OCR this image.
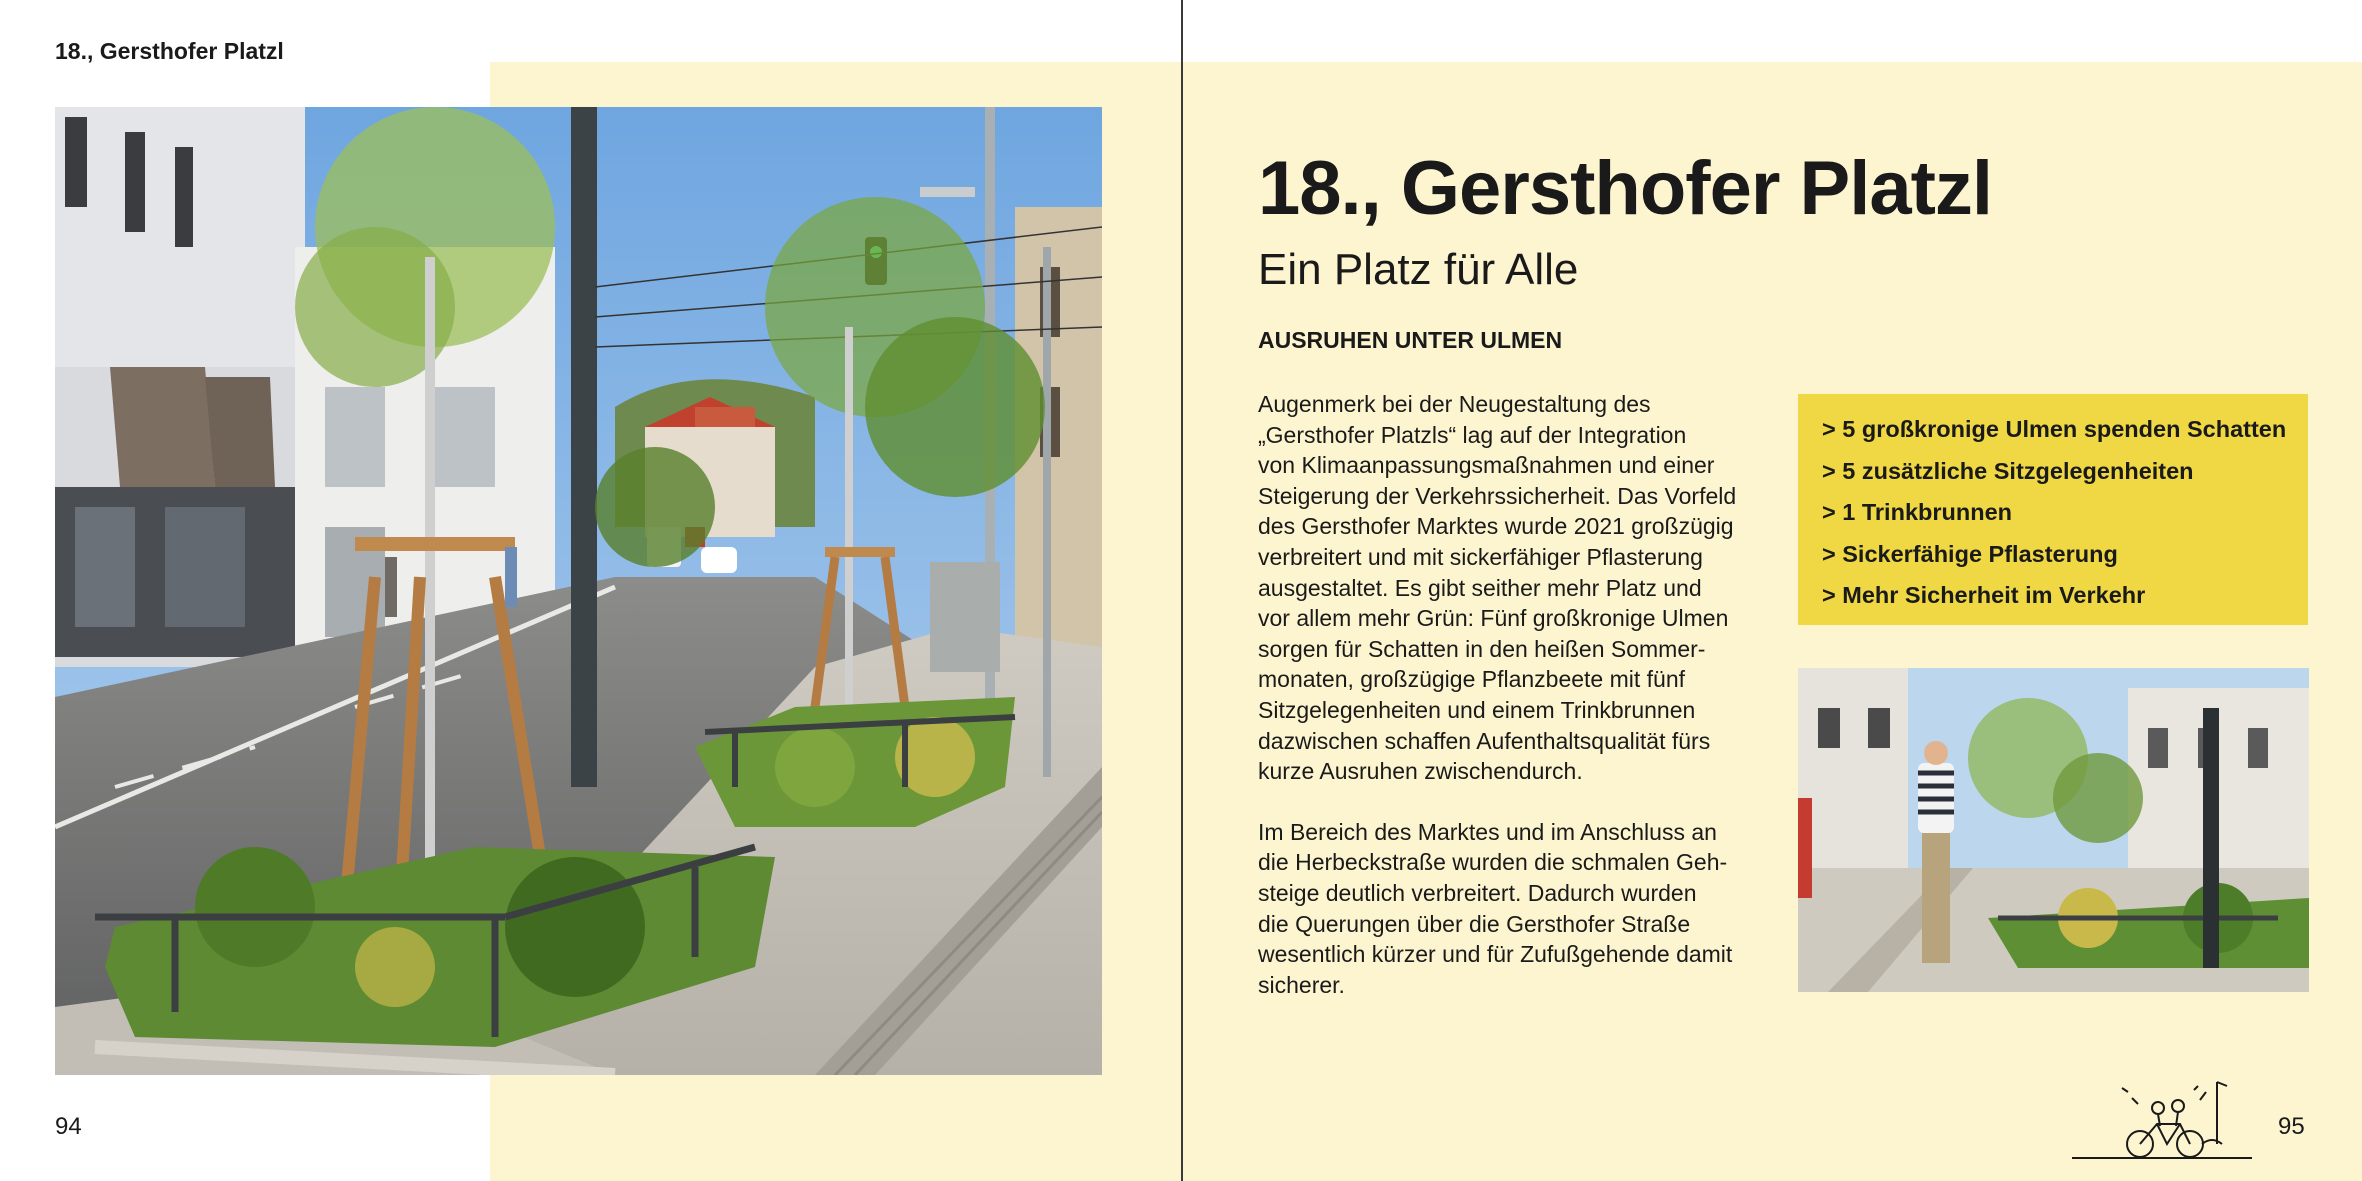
18., Gersthofer Platzl
94
18., Gersthofer Platzl
Ein Platz für Alle
AUSRUHEN UNTER ULMEN

Augenmerk bei der Neugestaltung des
„Gersthofer Platzls“ lag auf der Integration
von Klimaanpassungsmaßnahmen und einer
Steigerung der Verkehrssicherheit. Das Vorfeld
des Gersthofer Marktes wurde 2021 großzügig
verbreitert und mit sickerfähiger Pflasterung
ausgestaltet. Es gibt seither mehr Platz und
vor allem mehr Grün: Fünf großkronige Ulmen
sorgen für Schatten in den heißen Sommer-
monaten, großzügige Pflanzbeete mit fünf
Sitzgelegenheiten und einem Trinkbrunnen
dazwischen schaffen Aufenthaltsqualität fürs
kurze Ausruhen zwischendurch.

Im Bereich des Marktes und im Anschluss an
die Herbeckstraße wurden die schmalen Geh-
steige deutlich verbreitert. Dadurch wurden
die Querungen über die Gersthofer Straße
wesentlich kürzer und für Zufußgehende damit
sicherer.

> 5 großkronige Ulmen spenden Schatten
> 5 zusätzliche Sitzgelegenheiten
> 1 Trinkbrunnen
> Sickerfähige Pflasterung
> Mehr Sicherheit im Verkehr
95
